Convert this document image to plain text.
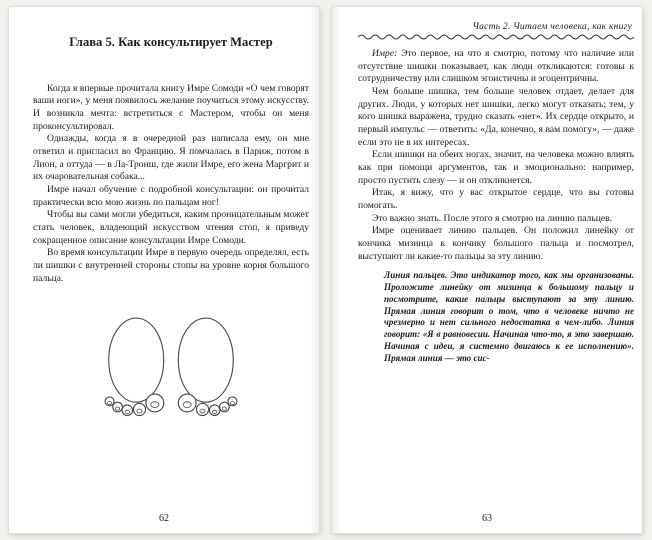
Глава 5. Как консультирует Мастер

Когда я впервые прочитала книгу Имре Сомоди «О чем говорят ваши ноги», у меня появилось желание поучиться этому искусству. И возникла мечта: встретиться с Мастером, чтобы он меня проконсультировал.

Однажды, когда я в очередной раз написала ему, он мне ответил и пригласил во Францию. Я помчалась в Париж, потом в Лион, а оттуда — в Ла-Тронш, где жили Имре, его жена Маргрит и их очаровательная собака...

Имре начал обучение с подробной консультации: он прочитал практически всю мою жизнь по пальцам ног!

Чтобы вы сами могли убедиться, каким проницательным может стать человек, владеющий искусством чтения стоп, я приведу сокращенное описание консультации Имре Сомоди.

Во время консультации Имре в первую очередь определял, есть ли шишки с внутренней стороны стопы на уровне корня большого пальца.

62
Часть 2. Читаем человека, как книгу

Имре: Это первое, на что я смотрю, потому что наличие или отсутствие шишки показывает, как люди откликаются: готовы к сотрудничеству или слишком эгоистичны и эгоцентричны.

Чем больше шишка, тем больше человек отдает, делает для других. Люди, у которых нет шишки, легко могут отказать; тем, у кого шишка выражена, трудно сказать «нет». Их сердце открыто, и первый импульс — ответить: «Да, конечно, я вам помогу», — даже если это не в их интересах.

Если шишки на обеих ногах, значит, на человека можно влиять как при помощи аргументов, так и эмоционально: например, просто пустить слезу — и он откликнется.

Итак, я вижу, что у вас открытое сердце, что вы готовы помогать.

Это важно знать. После этого я смотрю на линию пальцев.

Имре оценивает линию пальцев. Он положил линейку от кончика мизинца к кончику большого пальца и посмотрел, выступают ли какие-то пальцы за эту линию.

Линия пальцев. Это индикатор того, как мы организованы. Проложите линейку от мизинца к большому пальцу и посмотрите, какие пальцы выступают за эту линию. Прямая линия говорит о том, что в человеке ничто не чрезмерно и нет сильного недостатка в чем-либо. Линия говорит: «Я в равновесии. Начиная что-то, я это завершаю. Начиная с идеи, я системно двигаюсь к ее исполнению». Прямая линия — это сис-

63
